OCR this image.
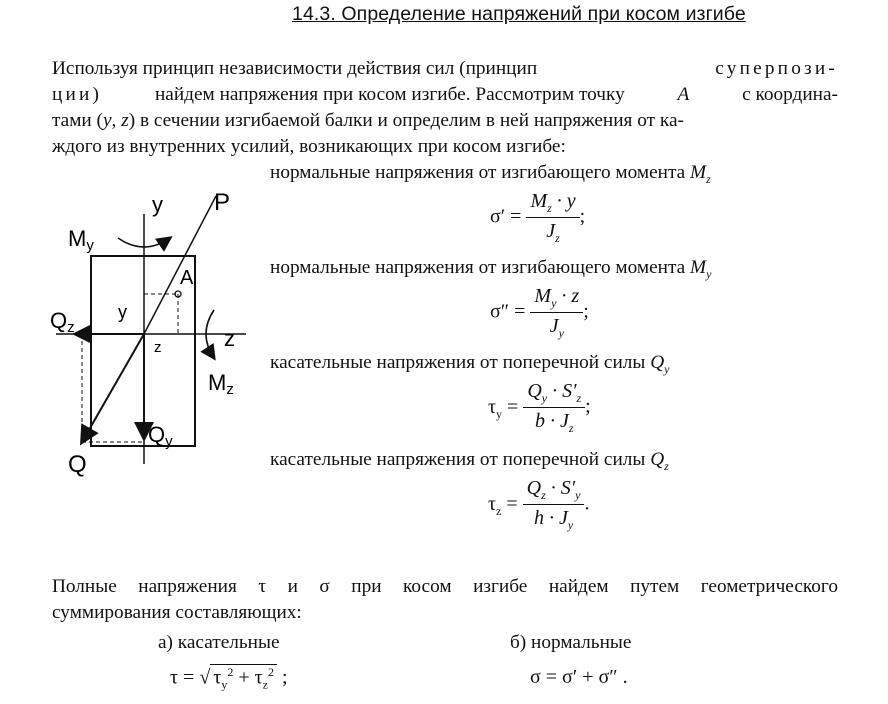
14.3. Определение напряжений при косом изгибе
Используя принцип независимости действия сил (принцип	суперпози-
ции)	найдем напряжения при косом изгибе. Рассмотрим точку	A	с координа-
тами (y, z) в сечении изгибаемой балки и определим в ней напряжения от ка-
ждого из внутренних усилий, возникающих при косом изгибе:
нормальные напряжения от изгибающего момента $M_z$
нормальные напряжения от изгибающего момента $M_y$
касательные напряжения от поперечной силы $Q_y$
касательные напряжения от поперечной силы $Q_z$
$\sigma' = \frac{M_z \cdot y}{J_z}$ ;
$\sigma'' = \frac{M_y \cdot z}{J_y}$ ;
$\tau_y = \frac{Q_y \cdot S'_z}{b \cdot J_z}$ ;
$\tau_z = \frac{Q_z \cdot S'_y}{h \cdot J_y}$ .
y P
My
A
Qz
y
z	z
Mz
Qy
Q
Полные напряжения τ и σ при косом изгибе найдем путем геометрического
суммирования составляющих:
а) касательные	б) нормальные
τ = √ $\tau_y^2 + \tau_z^2$ ;	σ = σ′ + σ″ .
